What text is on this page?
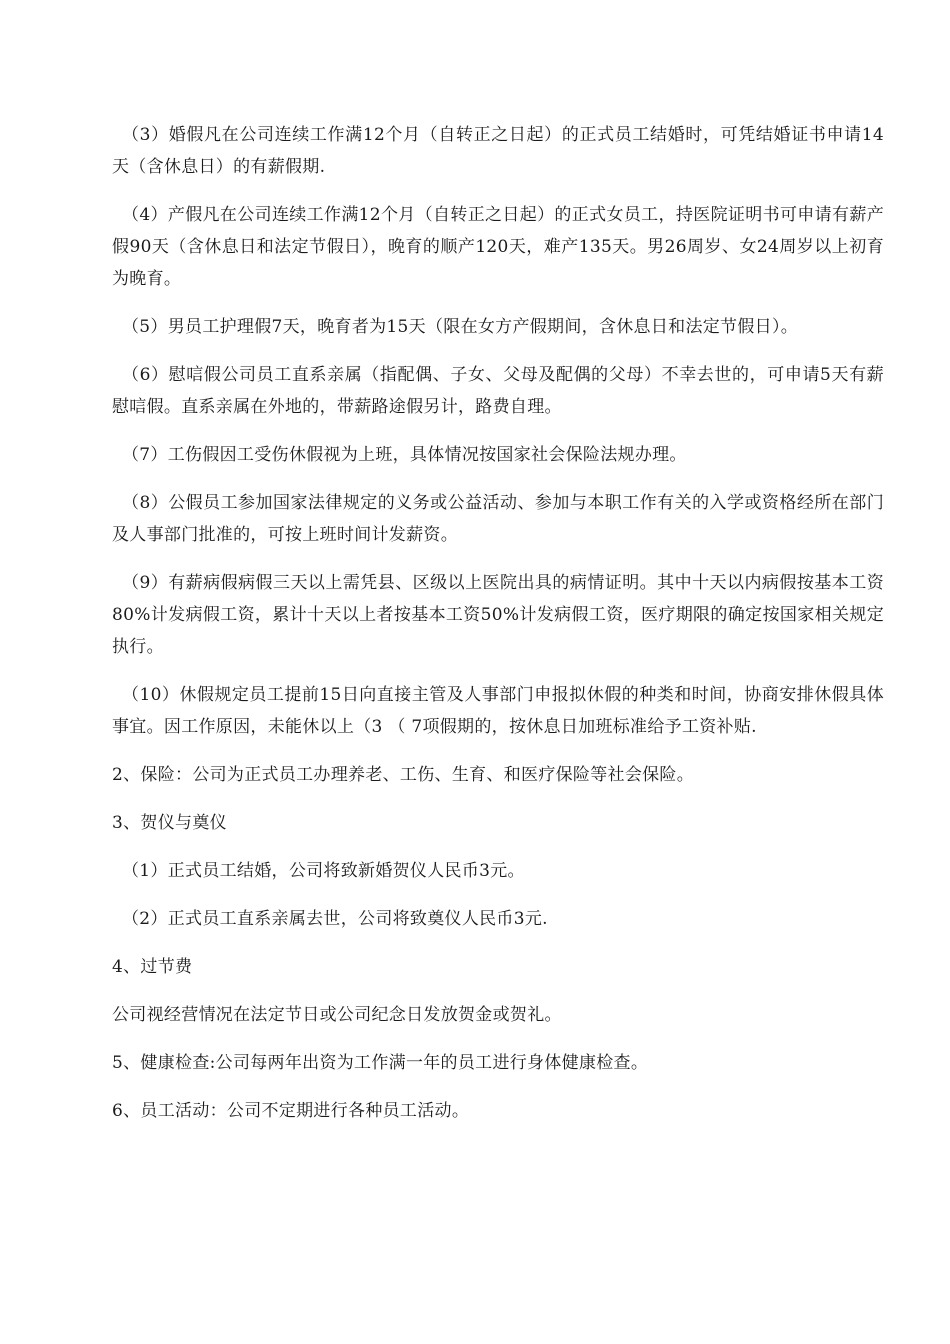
（3）婚假凡在公司连续工作满12个月（自转正之日起）的正式员工结婚时，可凭结婚证书申请14天（含休息日）的有薪假期.

（4）产假凡在公司连续工作满12个月（自转正之日起）的正式女员工，持医院证明书可申请有薪产假90天（含休息日和法定节假日），晚育的顺产120天，难产135天。男26周岁、女24周岁以上初育为晚育。

（5）男员工护理假7天，晚育者为15天（限在女方产假期间，含休息日和法定节假日）。

（6）慰唁假公司员工直系亲属（指配偶、子女、父母及配偶的父母）不幸去世的，可申请5天有薪慰唁假。直系亲属在外地的，带薪路途假另计，路费自理。

（7）工伤假因工受伤休假视为上班，具体情况按国家社会保险法规办理。

（8）公假员工参加国家法律规定的义务或公益活动、参加与本职工作有关的入学或资格经所在部门及人事部门批准的，可按上班时间计发薪资。

（9）有薪病假病假三天以上需凭县、区级以上医院出具的病情证明。其中十天以内病假按基本工资80%计发病假工资，累计十天以上者按基本工资50%计发病假工资，医疗期限的确定按国家相关规定执行。

（10）休假规定员工提前15日向直接主管及人事部门申报拟休假的种类和时间，协商安排休假具体事宜。因工作原因，未能休以上（3 （ 7项假期的，按休息日加班标准给予工资补贴.

2、保险：公司为正式员工办理养老、工伤、生育、和医疗保险等社会保险。

3、贺仪与奠仪

（1）正式员工结婚，公司将致新婚贺仪人民币3元。

（2）正式员工直系亲属去世，公司将致奠仪人民币3元.

4、过节费

公司视经营情况在法定节日或公司纪念日发放贺金或贺礼。

5、健康检查:公司每两年出资为工作满一年的员工进行身体健康检查。

6、员工活动：公司不定期进行各种员工活动。
